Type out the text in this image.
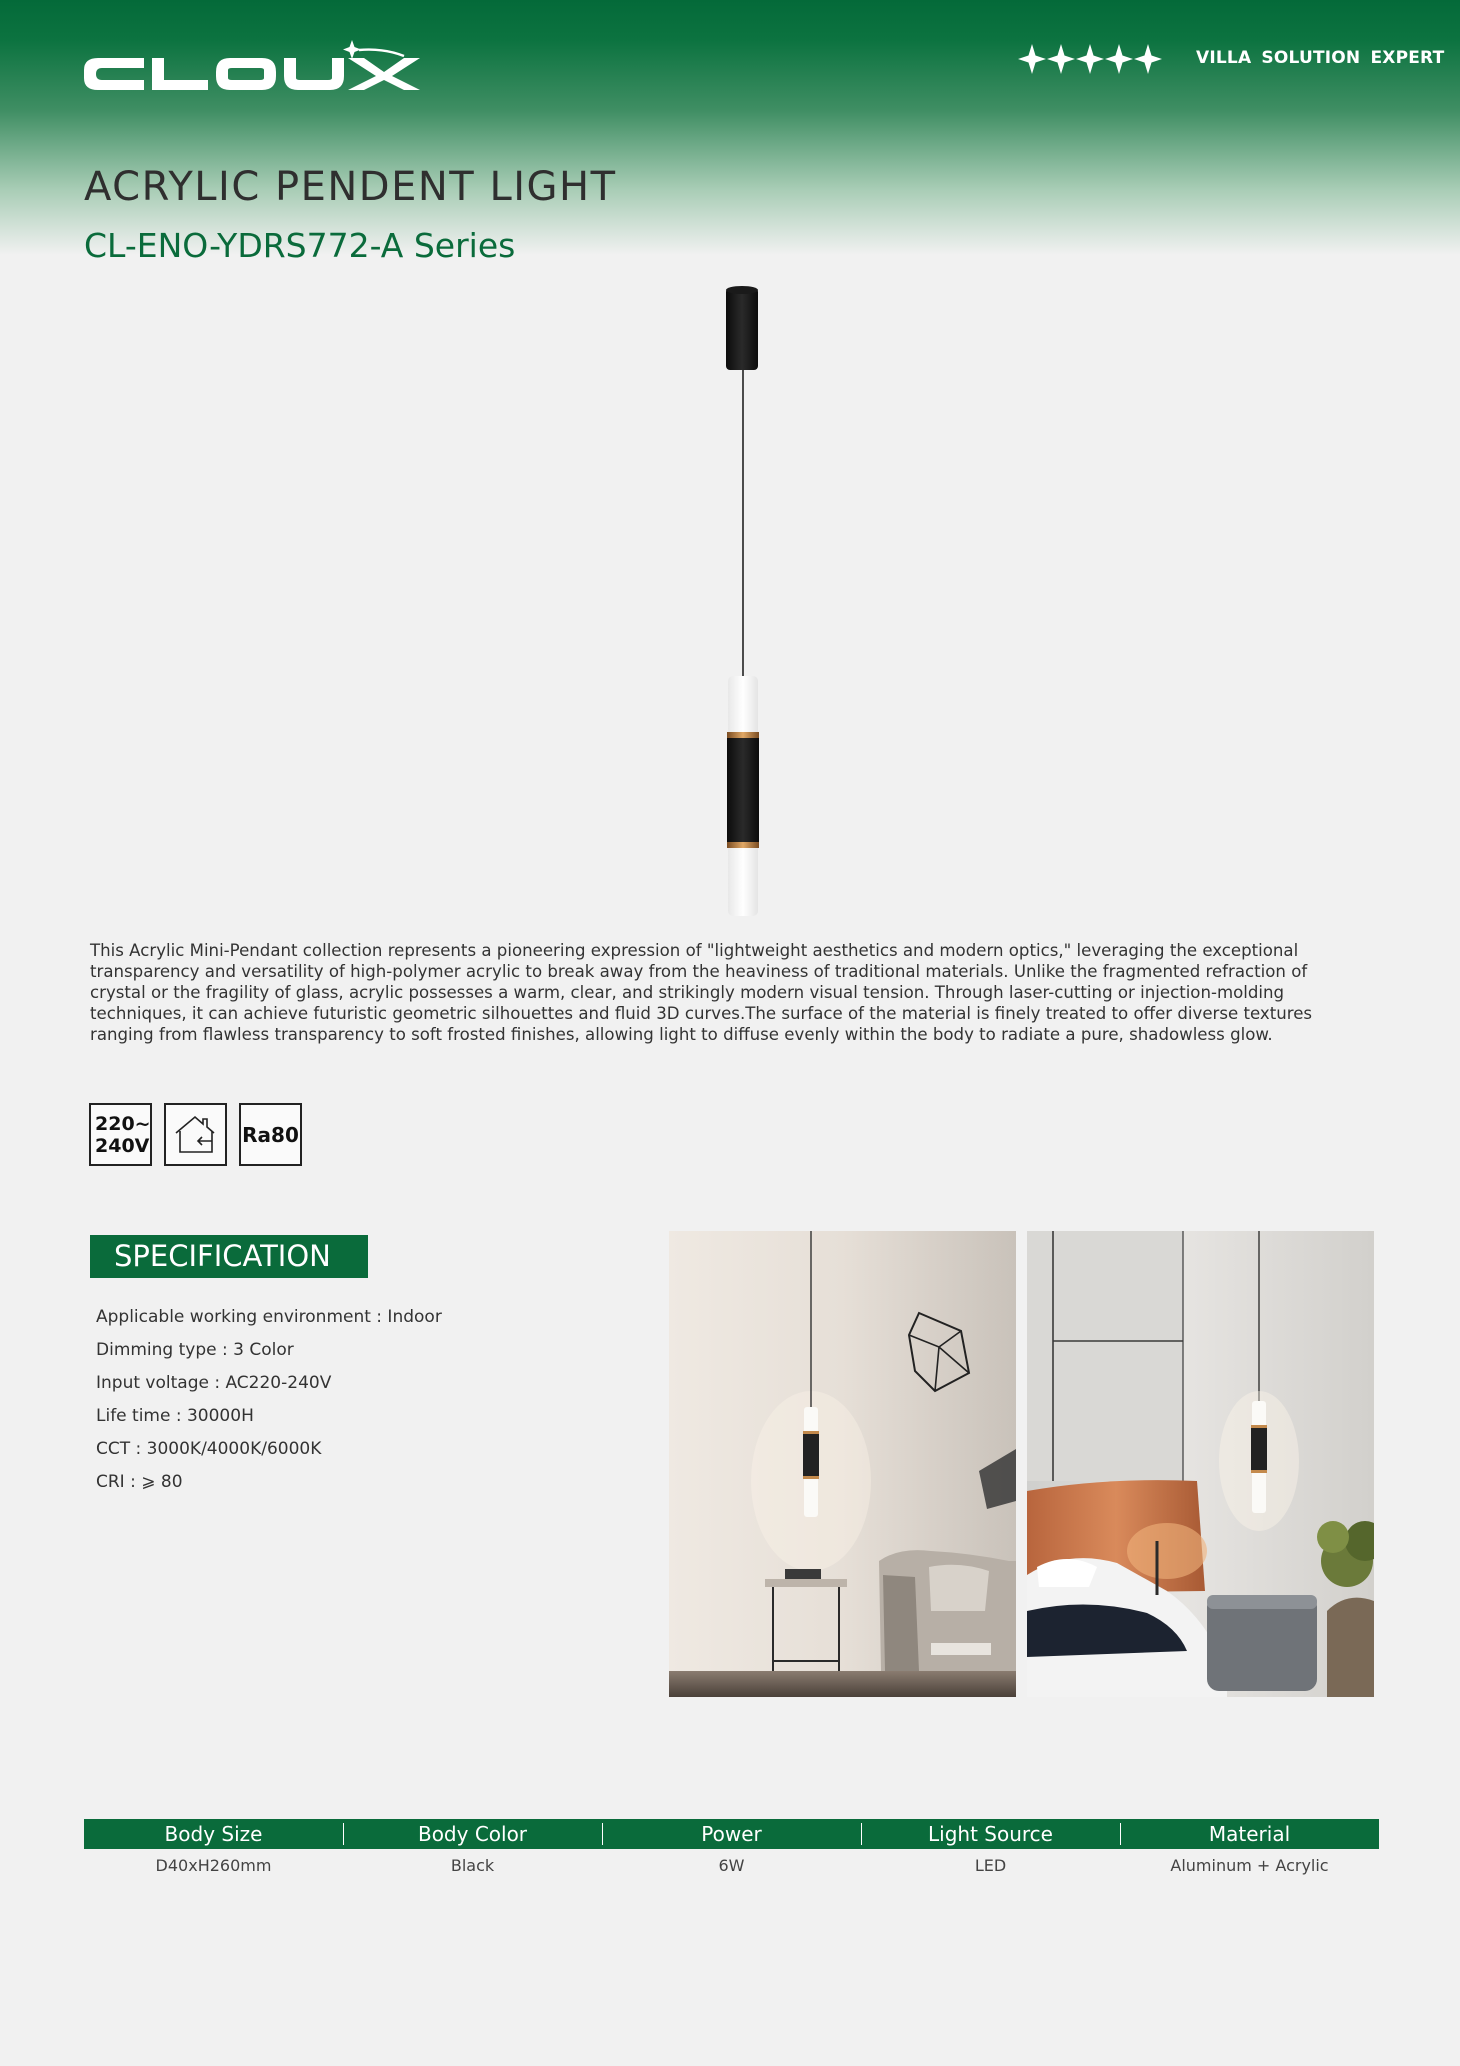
VILLA SOLUTION EXPERT
ACRYLIC PENDENT LIGHT
CL-ENO-YDRS772-A Series

This Acrylic Mini-Pendant collection represents a pioneering expression of "lightweight aesthetics and modern optics," leveraging the exceptional transparency and versatility of high-polymer acrylic to break away from the heaviness of traditional materials. Unlike the fragmented refraction of crystal or the fragility of glass, acrylic possesses a warm, clear, and strikingly modern visual tension. Through laser-cutting or injection-molding techniques, it can achieve futuristic geometric silhouettes and fluid 3D curves.The surface of the material is finely treated to offer diverse textures ranging from flawless transparency to soft frosted finishes, allowing light to diffuse evenly within the body to radiate a pure, shadowless glow.

220~
240V	Ra80
SPECIFICATION
Applicable working environment : Indoor
Dimming type : 3 Color
Input voltage : AC220-240V
Life time : 30000H
CCT : 3000K/4000K/6000K
CRI : ⩾ 80
Body Size	Body Color	Power	Light Source	Material
D40xH260mm	Black	6W	LED	Aluminum + Acrylic
